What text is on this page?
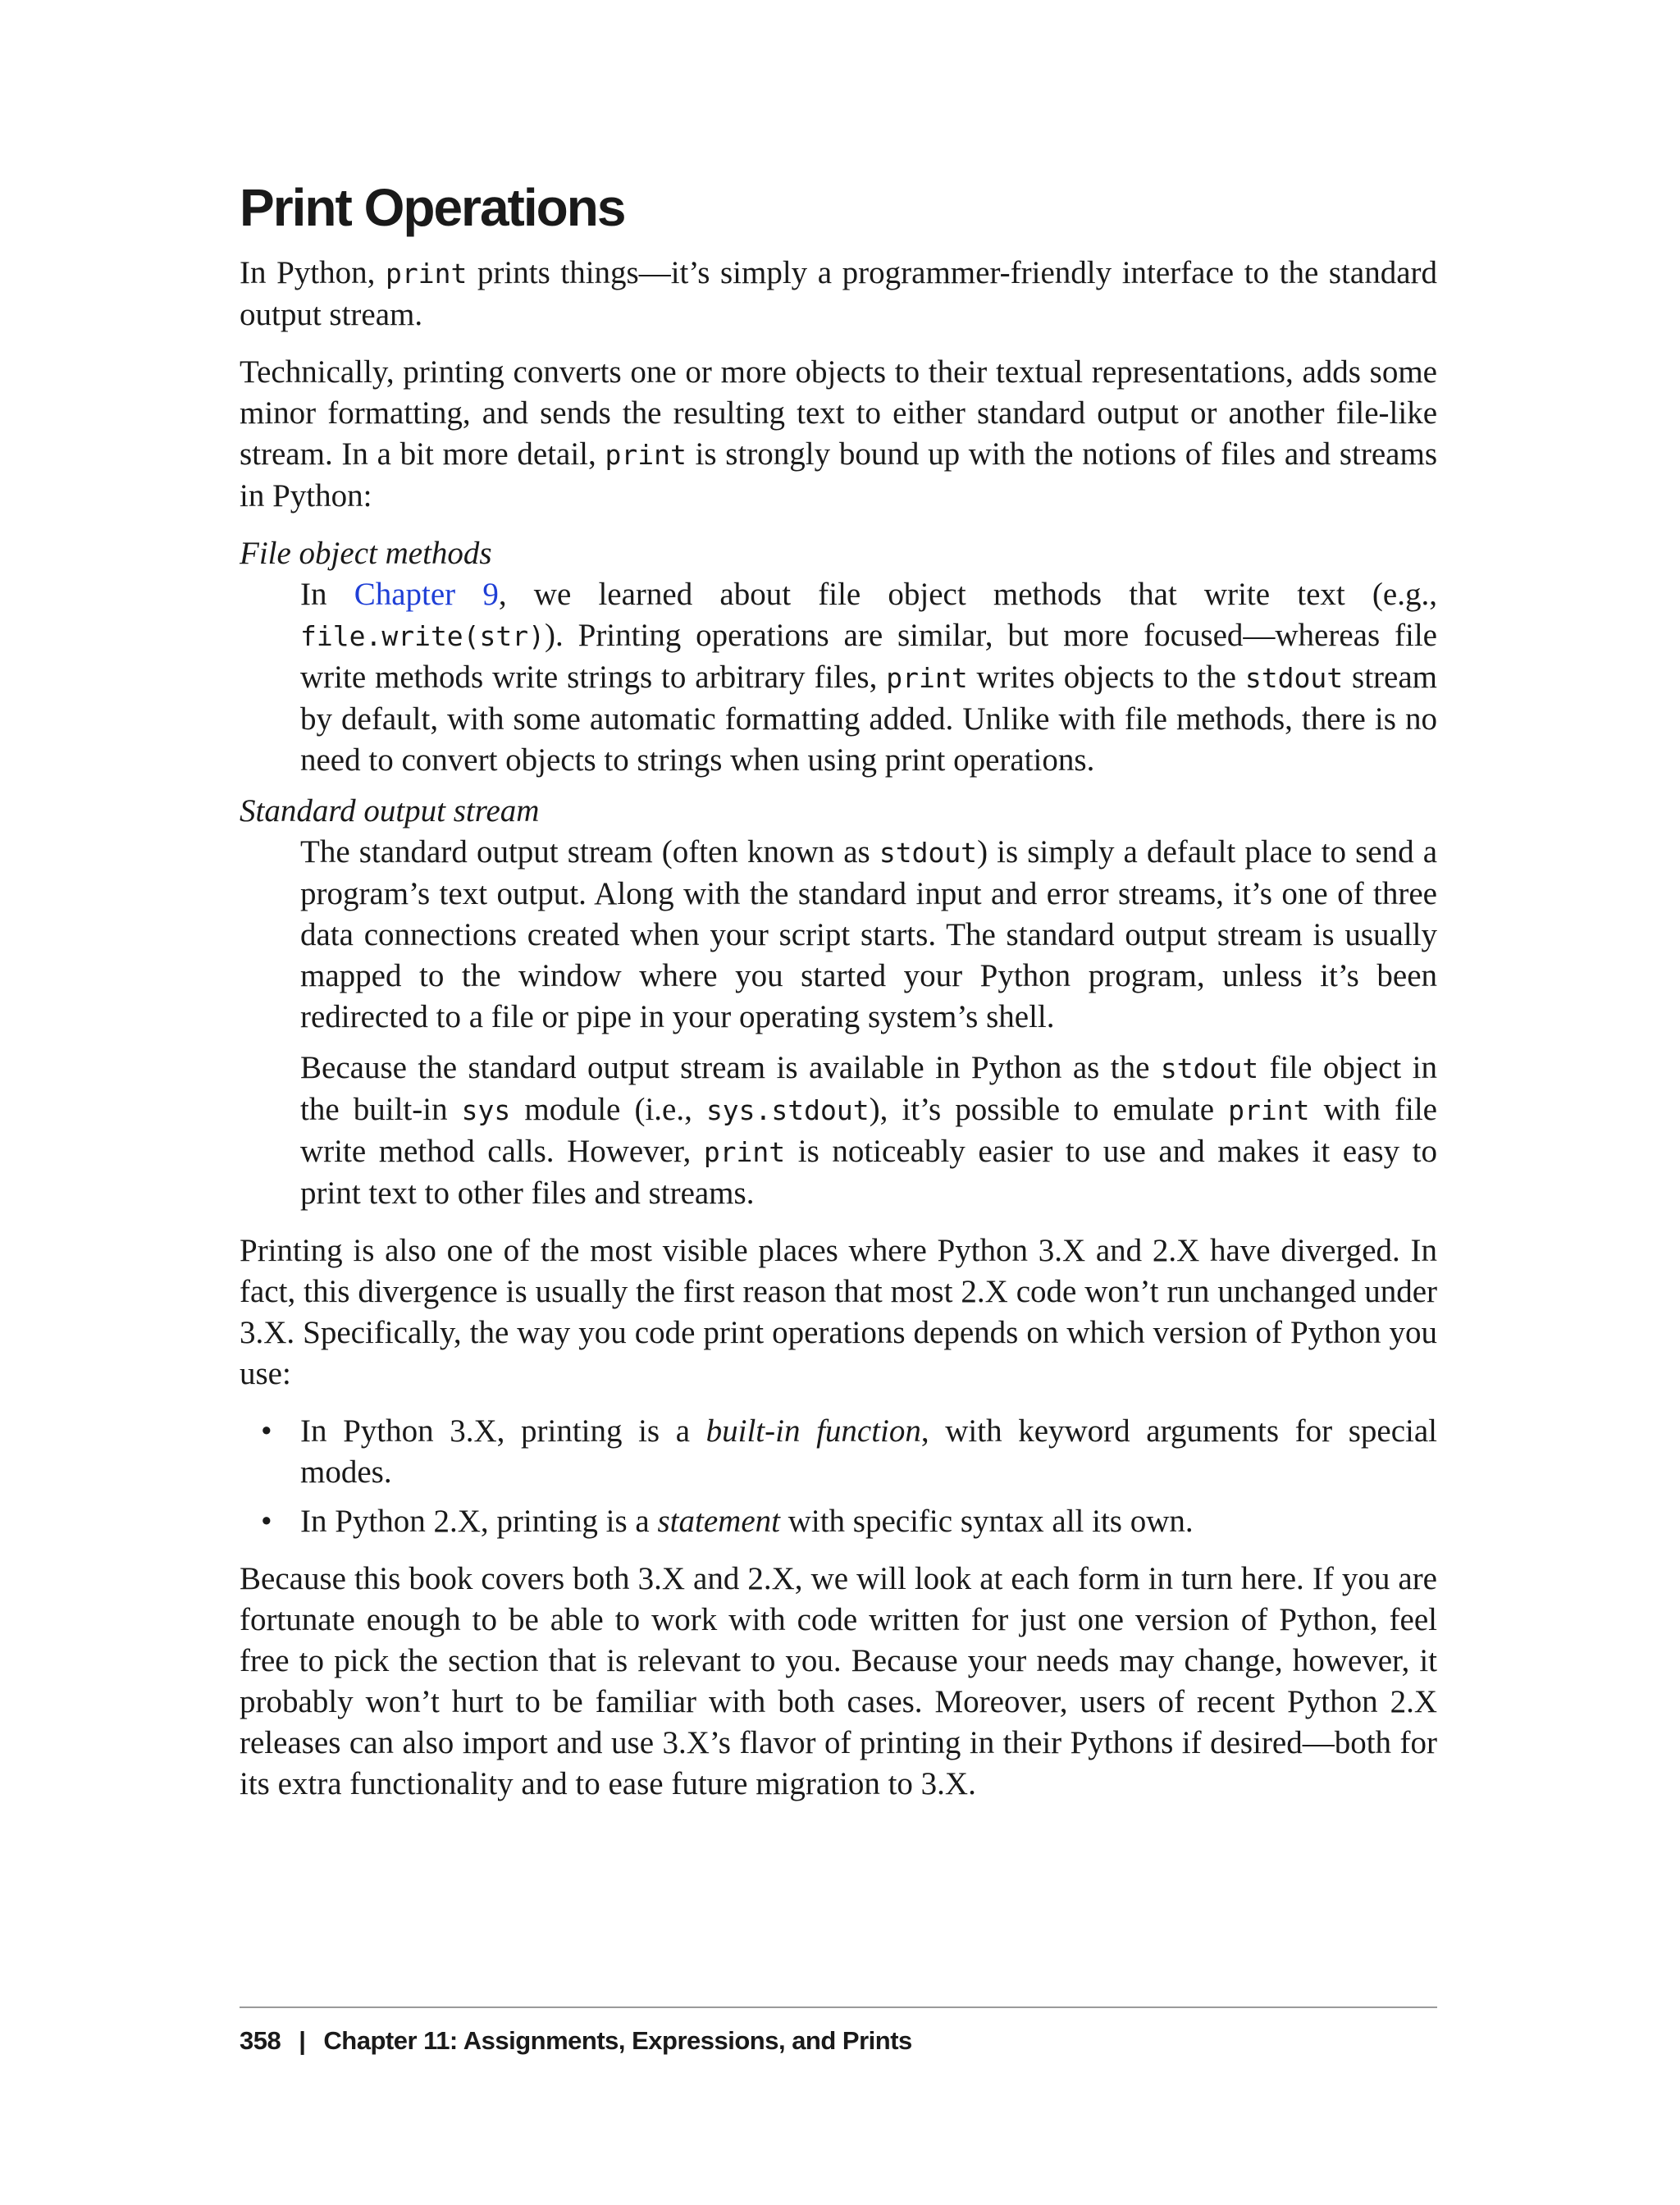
Print Operations

In Python, print prints things—it’s simply a programmer-friendly interface to the standard output stream.

Technically, printing converts one or more objects to their textual representations, adds some minor formatting, and sends the resulting text to either standard output or another file-like stream. In a bit more detail, print is strongly bound up with the notions of files and streams in Python:

File object methods

In Chapter 9, we learned about file object methods that write text (e.g., file.write(str)). Printing operations are similar, but more focused—whereas file write methods write strings to arbitrary files, print writes objects to the stdout stream by default, with some automatic formatting added. Unlike with file methods, there is no need to convert objects to strings when using print operations.

Standard output stream

The standard output stream (often known as stdout) is simply a default place to send a program’s text output. Along with the standard input and error streams, it’s one of three data connections created when your script starts. The standard output stream is usually mapped to the window where you started your Python program, unless it’s been redirected to a file or pipe in your operating system’s shell.

Because the standard output stream is available in Python as the stdout file object in the built-in sys module (i.e., sys.stdout), it’s possible to emulate print with file write method calls. However, print is noticeably easier to use and makes it easy to print text to other files and streams.

Printing is also one of the most visible places where Python 3.X and 2.X have diverged. In fact, this divergence is usually the first reason that most 2.X code won’t run unchanged under 3.X. Specifically, the way you code print operations depends on which version of Python you use:

• In Python 3.X, printing is a built-in function, with keyword arguments for special modes.
• In Python 2.X, printing is a statement with specific syntax all its own.

Because this book covers both 3.X and 2.X, we will look at each form in turn here. If you are fortunate enough to be able to work with code written for just one version of Python, feel free to pick the section that is relevant to you. Because your needs may change, however, it probably won’t hurt to be familiar with both cases. Moreover, users of recent Python 2.X releases can also import and use 3.X’s flavor of printing in their Pythons if desired—both for its extra functionality and to ease future migration to 3.X.

358 | Chapter 11: Assignments, Expressions, and Prints
